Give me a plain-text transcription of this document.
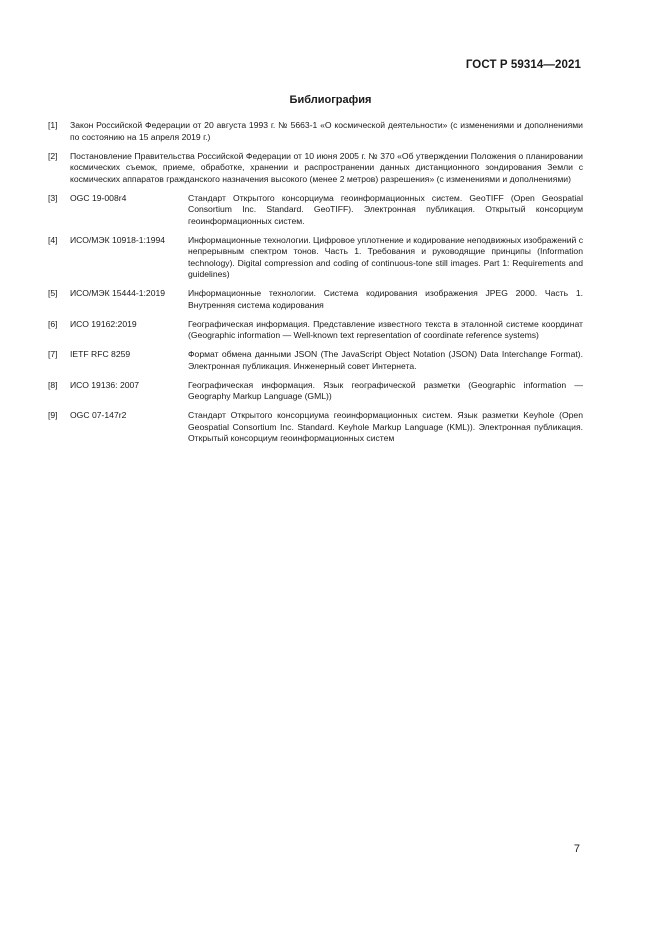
ГОСТ Р 59314—2021
Библиография
[1]	Закон Российской Федерации от 20 августа 1993 г. № 5663-1 «О космической деятельности» (с изменениями и дополнениями по состоянию на 15 апреля 2019 г.)
[2]	Постановление Правительства Российской Федерации от 10 июня 2005 г. № 370 «Об утверждении Положения о планировании космических съемок, приеме, обработке, хранении и распространении данных дистанционного зондирования Земли с космических аппаратов гражданского назначения высокого (менее 2 метров) разрешения» (с изменениями и дополнениями)
[3]	OGC 19-008r4	Стандарт Открытого консорциума геоинформационных систем. GeoTIFF (Open Geospatial Consortium Inc. Standard. GeoTIFF). Электронная публикация. Открытый консорциум геоинформационных систем.
[4]	ИСО/МЭК 10918-1:1994	Информационные технологии. Цифровое уплотнение и кодирование неподвижных изображений с непрерывным спектром тонов. Часть 1. Требования и руководящие принципы (Information technology). Digital compression and coding of continuous-tone still images. Part 1: Requirements and guidelines)
[5]	ИСО/МЭК 15444-1:2019	Информационные технологии. Система кодирования изображения JPEG 2000. Часть 1. Внутренняя система кодирования
[6]	ИСО 19162:2019	Географическая информация. Представление известного текста в эталонной системе координат (Geographic information — Well-known text representation of coordinate reference systems)
[7]	IETF RFC 8259	Формат обмена данными JSON (The JavaScript Object Notation (JSON) Data Interchange Format). Электронная публикация. Инженерный совет Интернета.
[8]	ИСО 19136: 2007	Географическая информация. Язык географической разметки (Geographic information — Geography Markup Language (GML))
[9]	OGC 07-147r2	Стандарт Открытого консорциума геоинформационных систем. Язык разметки Keyhole (Open Geospatial Consortium Inc. Standard. Keyhole Markup Language (KML)). Электронная публикация. Открытый консорциум геоинформационных систем
7
